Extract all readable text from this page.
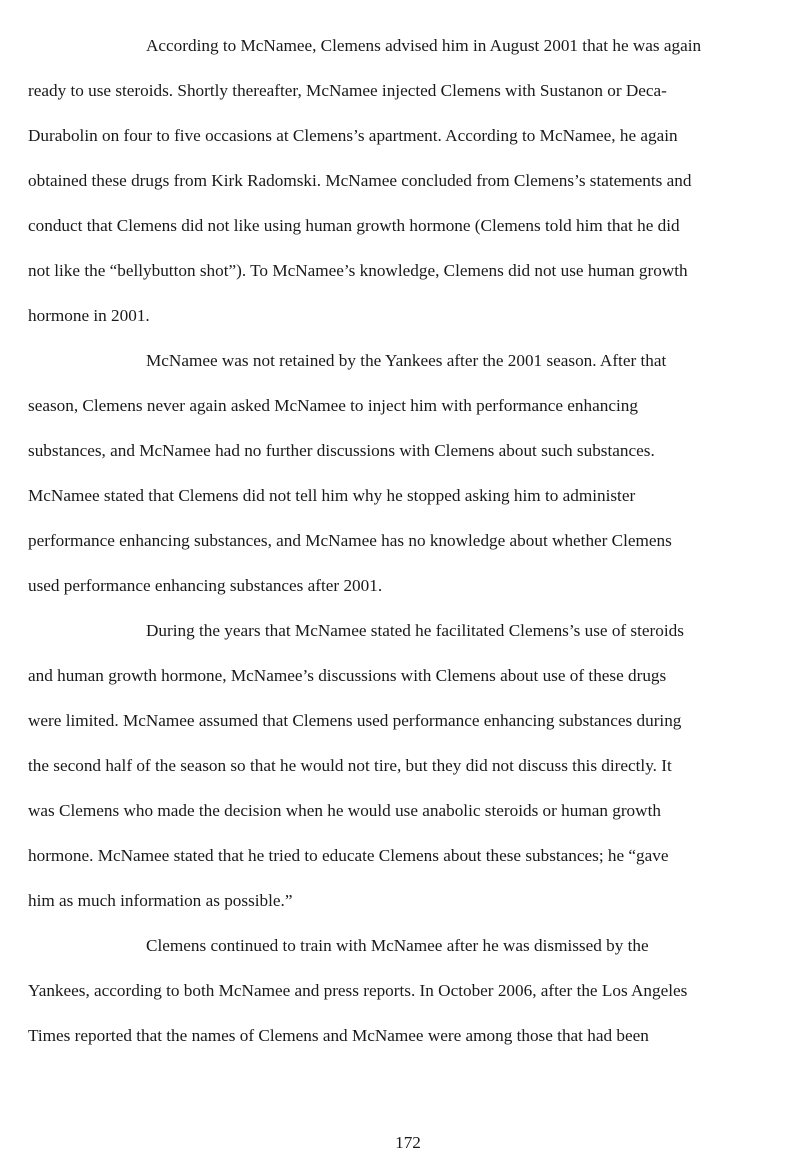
According to McNamee, Clemens advised him in August 2001 that he was again
ready to use steroids. Shortly thereafter, McNamee injected Clemens with Sustanon or Deca-
Durabolin on four to five occasions at Clemens’s apartment. According to McNamee, he again
obtained these drugs from Kirk Radomski. McNamee concluded from Clemens’s statements and
conduct that Clemens did not like using human growth hormone (Clemens told him that he did
not like the “bellybutton shot”). To McNamee’s knowledge, Clemens did not use human growth
hormone in 2001.
McNamee was not retained by the Yankees after the 2001 season. After that
season, Clemens never again asked McNamee to inject him with performance enhancing
substances, and McNamee had no further discussions with Clemens about such substances.
McNamee stated that Clemens did not tell him why he stopped asking him to administer
performance enhancing substances, and McNamee has no knowledge about whether Clemens
used performance enhancing substances after 2001.
During the years that McNamee stated he facilitated Clemens’s use of steroids
and human growth hormone, McNamee’s discussions with Clemens about use of these drugs
were limited. McNamee assumed that Clemens used performance enhancing substances during
the second half of the season so that he would not tire, but they did not discuss this directly. It
was Clemens who made the decision when he would use anabolic steroids or human growth
hormone. McNamee stated that he tried to educate Clemens about these substances; he “gave
him as much information as possible.”
Clemens continued to train with McNamee after he was dismissed by the
Yankees, according to both McNamee and press reports. In October 2006, after the Los Angeles
Times reported that the names of Clemens and McNamee were among those that had been
172
